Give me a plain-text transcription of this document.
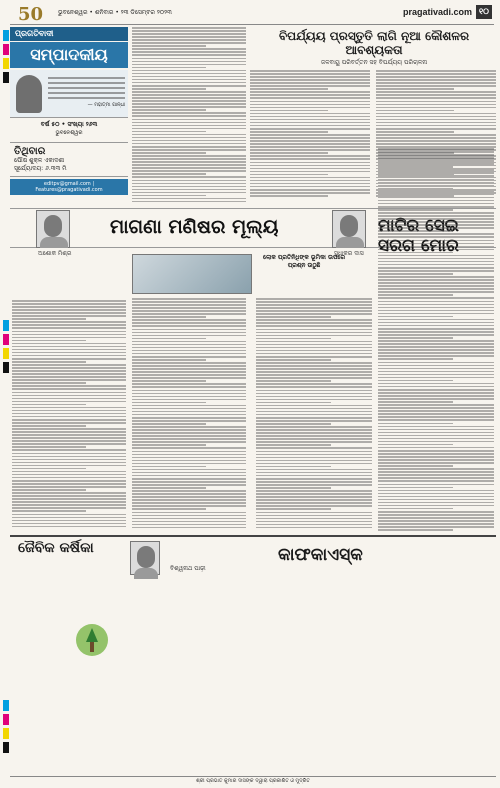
50 ଭୁବନେଶ୍ୱର • ଶନିବାର • ୨୩ ଡିସେମ୍ବର ୨୦୨୩	pragativadi.com ୧୦
ପ୍ରଗତିବାଦୀ
ସମ୍ପାଦକୀୟ
— ମହାତ୍ମା ଗାନ୍ଧୀ
ବର୍ଷ ୫୦ • ସଂଖ୍ୟା ୨୬୩
ଭୁବନେଶ୍ୱର
ତିଥିବାର
ପୌଷ ଶୁକ୍ଳ ଏକାଦଶୀ
ସୂର୍ଯ୍ୟୋଦୟ: ୬.୩୩ ମି
editpv@gmail.com | Features@pragativadi.com
ବିପର୍ଯ୍ୟୟ ପ୍ରସ୍ତୁତି ଲାଗି ନୂଆ କୌଶଳର ଆବଶ୍ୟକତା
ଜଳବାୟୁ ପରିବର୍ତ୍ତନ ସହ ବିପର୍ଯ୍ୟୟ ପରିଚାଳନା
ମାଗଣା ମଣିଷର ମୂଲ୍ୟ	ମାଟିର ସେଇ ସରଗ ମୋର
ଅଶୋକ ମିଶ୍ର	ସୁଧାକର ଦାସ
ଲୋକ ପ୍ରତିନିଧିଙ୍କ ଭୂମିକା ଉପରେ ପ୍ରଶ୍ନ ଉଠୁଛି
ଜୈବିକ କର୍ଷିକା
ବିଶ୍ୱନାଥ ପାଢ଼ୀ
କାଫକାଏସ୍କ
ଶ୍ରୀ ପ୍ରଭାତ କୁମାର ଦାସଙ୍କ ଦ୍ୱାରା ପ୍ରକାଶିତ ଓ ମୁଦ୍ରିତ
